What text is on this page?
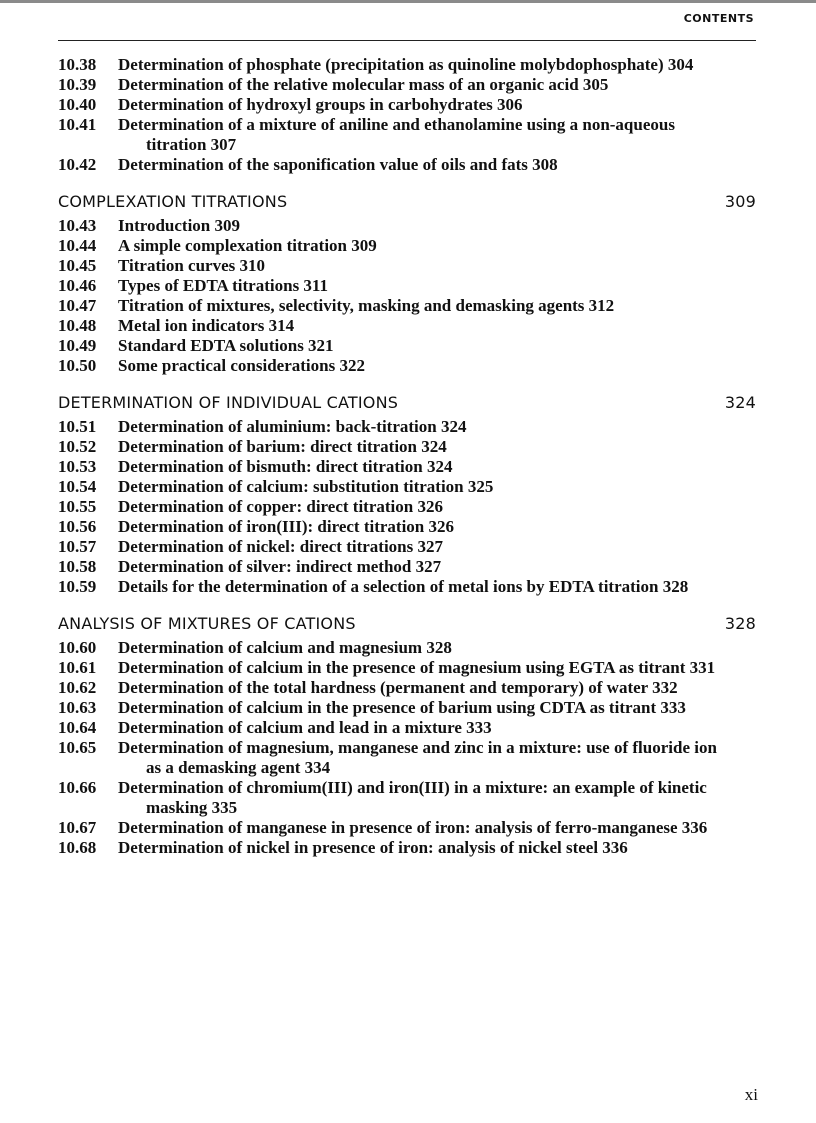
CONTENTS
10.38	Determination of phosphate (precipitation as quinoline molybdophosphate) 304
10.39	Determination of the relative molecular mass of an organic acid 305
10.40	Determination of hydroxyl groups in carbohydrates 306
10.41	Determination of a mixture of aniline and ethanolamine using a non-aqueous titration 307
10.42	Determination of the saponification value of oils and fats 308
COMPLEXATION TITRATIONS	309
10.43	Introduction 309
10.44	A simple complexation titration 309
10.45	Titration curves 310
10.46	Types of EDTA titrations 311
10.47	Titration of mixtures, selectivity, masking and demasking agents 312
10.48	Metal ion indicators 314
10.49	Standard EDTA solutions 321
10.50	Some practical considerations 322
DETERMINATION OF INDIVIDUAL CATIONS	324
10.51	Determination of aluminium: back-titration 324
10.52	Determination of barium: direct titration 324
10.53	Determination of bismuth: direct titration 324
10.54	Determination of calcium: substitution titration 325
10.55	Determination of copper: direct titration 326
10.56	Determination of iron(III): direct titration 326
10.57	Determination of nickel: direct titrations 327
10.58	Determination of silver: indirect method 327
10.59	Details for the determination of a selection of metal ions by EDTA titration 328
ANALYSIS OF MIXTURES OF CATIONS	328
10.60	Determination of calcium and magnesium 328
10.61	Determination of calcium in the presence of magnesium using EGTA as titrant 331
10.62	Determination of the total hardness (permanent and temporary) of water 332
10.63	Determination of calcium in the presence of barium using CDTA as titrant 333
10.64	Determination of calcium and lead in a mixture 333
10.65	Determination of magnesium, manganese and zinc in a mixture: use of fluoride ion as a demasking agent 334
10.66	Determination of chromium(III) and iron(III) in a mixture: an example of kinetic masking 335
10.67	Determination of manganese in presence of iron: analysis of ferro-manganese 336
10.68	Determination of nickel in presence of iron: analysis of nickel steel 336
xi
